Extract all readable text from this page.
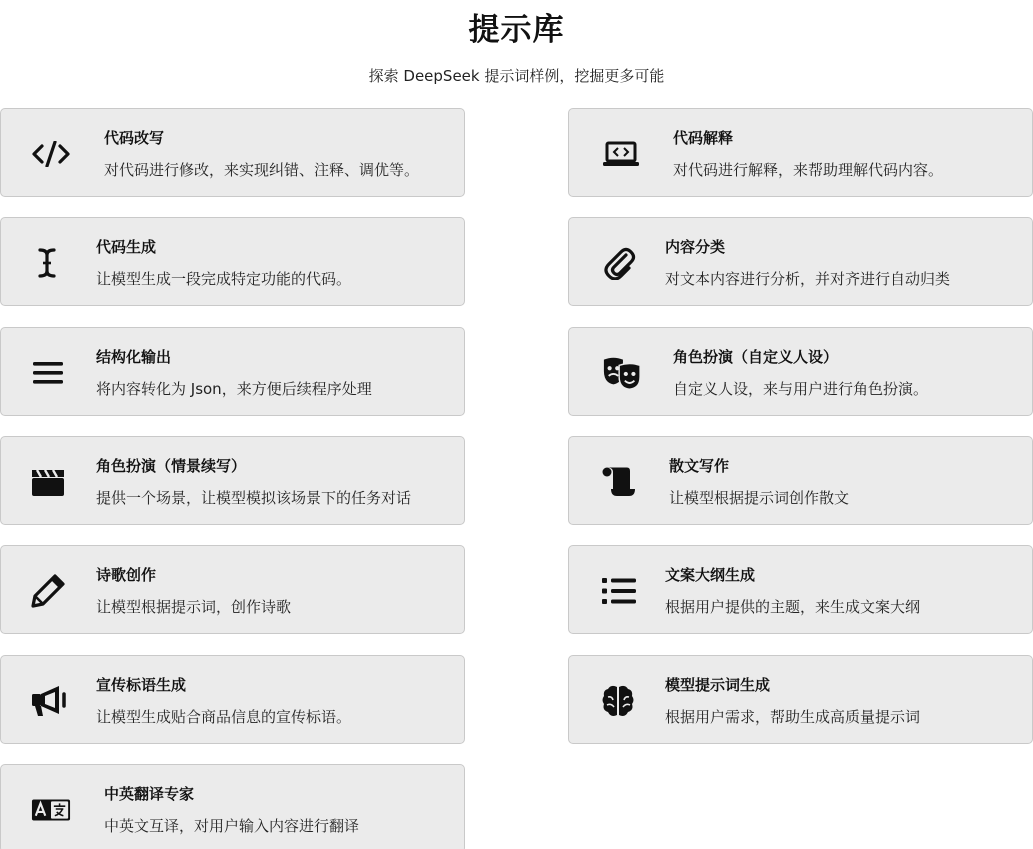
提示库
探索 DeepSeek 提示词样例，挖掘更多可能
代码改写
对代码进行修改，来实现纠错、注释、调优等。
代码解释
对代码进行解释，来帮助理解代码内容。
代码生成
让模型生成一段完成特定功能的代码。
内容分类
对文本内容进行分析，并对齐进行自动归类
结构化输出
将内容转化为 Json，来方便后续程序处理
角色扮演（自定义人设）
自定义人设，来与用户进行角色扮演。
角色扮演（情景续写）
提供一个场景，让模型模拟该场景下的任务对话
散文写作
让模型根据提示词创作散文
诗歌创作
让模型根据提示词，创作诗歌
文案大纲生成
根据用户提供的主题，来生成文案大纲
宣传标语生成
让模型生成贴合商品信息的宣传标语。
模型提示词生成
根据用户需求，帮助生成高质量提示词
中英翻译专家
中英文互译，对用户输入内容进行翻译
